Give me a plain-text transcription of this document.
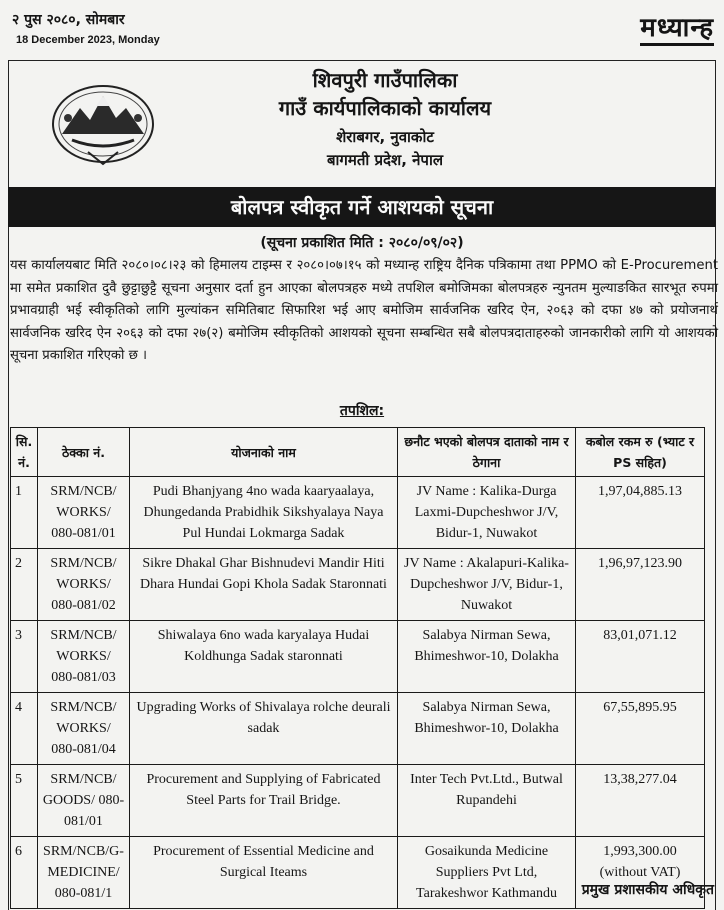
२ पुस २०८०, सोमबार
18 December 2023, Monday	मध्यान्ह
शिवपुरी गाउँपालिका
गाउँ कार्यपालिकाको कार्यालय
शेराबगर, नुवाकोट
बागमती प्रदेश, नेपाल
बोलपत्र स्वीकृत गर्ने आशयको सूचना
(सूचना प्रकाशित मिति : २०८०/०९/०२)
यस कार्यालयबाट मिति २०८०।०८।२३ को हिमालय टाइम्स र २०८०।०७।१५ को मध्यान्ह राष्ट्रिय दैनिक पत्रिकामा तथा PPMO को E-Procurement मा समेत प्रकाशित दुवै छुट्टाछुट्टै सूचना अनुसार दर्ता हुन आएका बोलपत्रहरु मध्ये तपशिल बमोजिमका बोलपत्रहरु न्युनतम मुल्याङकित सारभूत रुपमा प्रभावग्राही भई स्वीकृतिको लागि मुल्यांकन समितिबाट सिफारिश भई आए बमोजिम सार्वजनिक खरिद ऐन, २०६३ को दफा ४७ को प्रयोजनार्थ सार्वजनिक खरिद ऐन २०६३ को दफा २७(२) बमोजिम स्वीकृतिको आशयको सूचना सम्बन्धित सबै बोलपत्रदाताहरुको जानकारीको लागि यो आशयको सूचना प्रकाशित गरिएको छ ।
तपशिल:
सि. नं.	ठेक्का नं.	योजनाको नाम	छनौट भएको बोलपत्र दाताको नाम र ठेगाना	कबोल रकम रु (भ्याट र PS सहित)
1	SRM/NCB/ WORKS/ 080-081/01	Pudi Bhanjyang 4no wada kaaryaalaya, Dhungedanda Prabidhik Sikshyalaya Naya Pul Hundai Lokmarga Sadak	JV Name : Kalika-Durga Laxmi-Dupcheshwor J/V, Bidur-1, Nuwakot	1,97,04,885.13
2	SRM/NCB/ WORKS/ 080-081/02	Sikre Dhakal Ghar Bishnudevi Mandir Hiti Dhara Hundai Gopi Khola Sadak Staronnati	JV Name : Akalapuri-Kalika-Dupcheshwor J/V, Bidur-1, Nuwakot	1,96,97,123.90
3	SRM/NCB/ WORKS/ 080-081/03	Shiwalaya 6no wada karyalaya Hudai Koldhunga Sadak staronnati	Salabya Nirman Sewa, Bhimeshwor-10, Dolakha	83,01,071.12
4	SRM/NCB/ WORKS/ 080-081/04	Upgrading Works of Shivalaya rolche deurali sadak	Salabya Nirman Sewa, Bhimeshwor-10, Dolakha	67,55,895.95
5	SRM/NCB/ GOODS/ 080-081/01	Procurement and Supplying of Fabricated Steel Parts for Trail Bridge.	Inter Tech Pvt.Ltd., Butwal Rupandehi	13,38,277.04
6	SRM/NCB/G-MEDICINE/ 080-081/1	Procurement of Essential Medicine and Surgical Iteams	Gosaikunda Medicine Suppliers Pvt Ltd, Tarakeshwor Kathmandu	1,993,300.00 (without VAT)
प्रमुख प्रशासकीय अधिकृत
